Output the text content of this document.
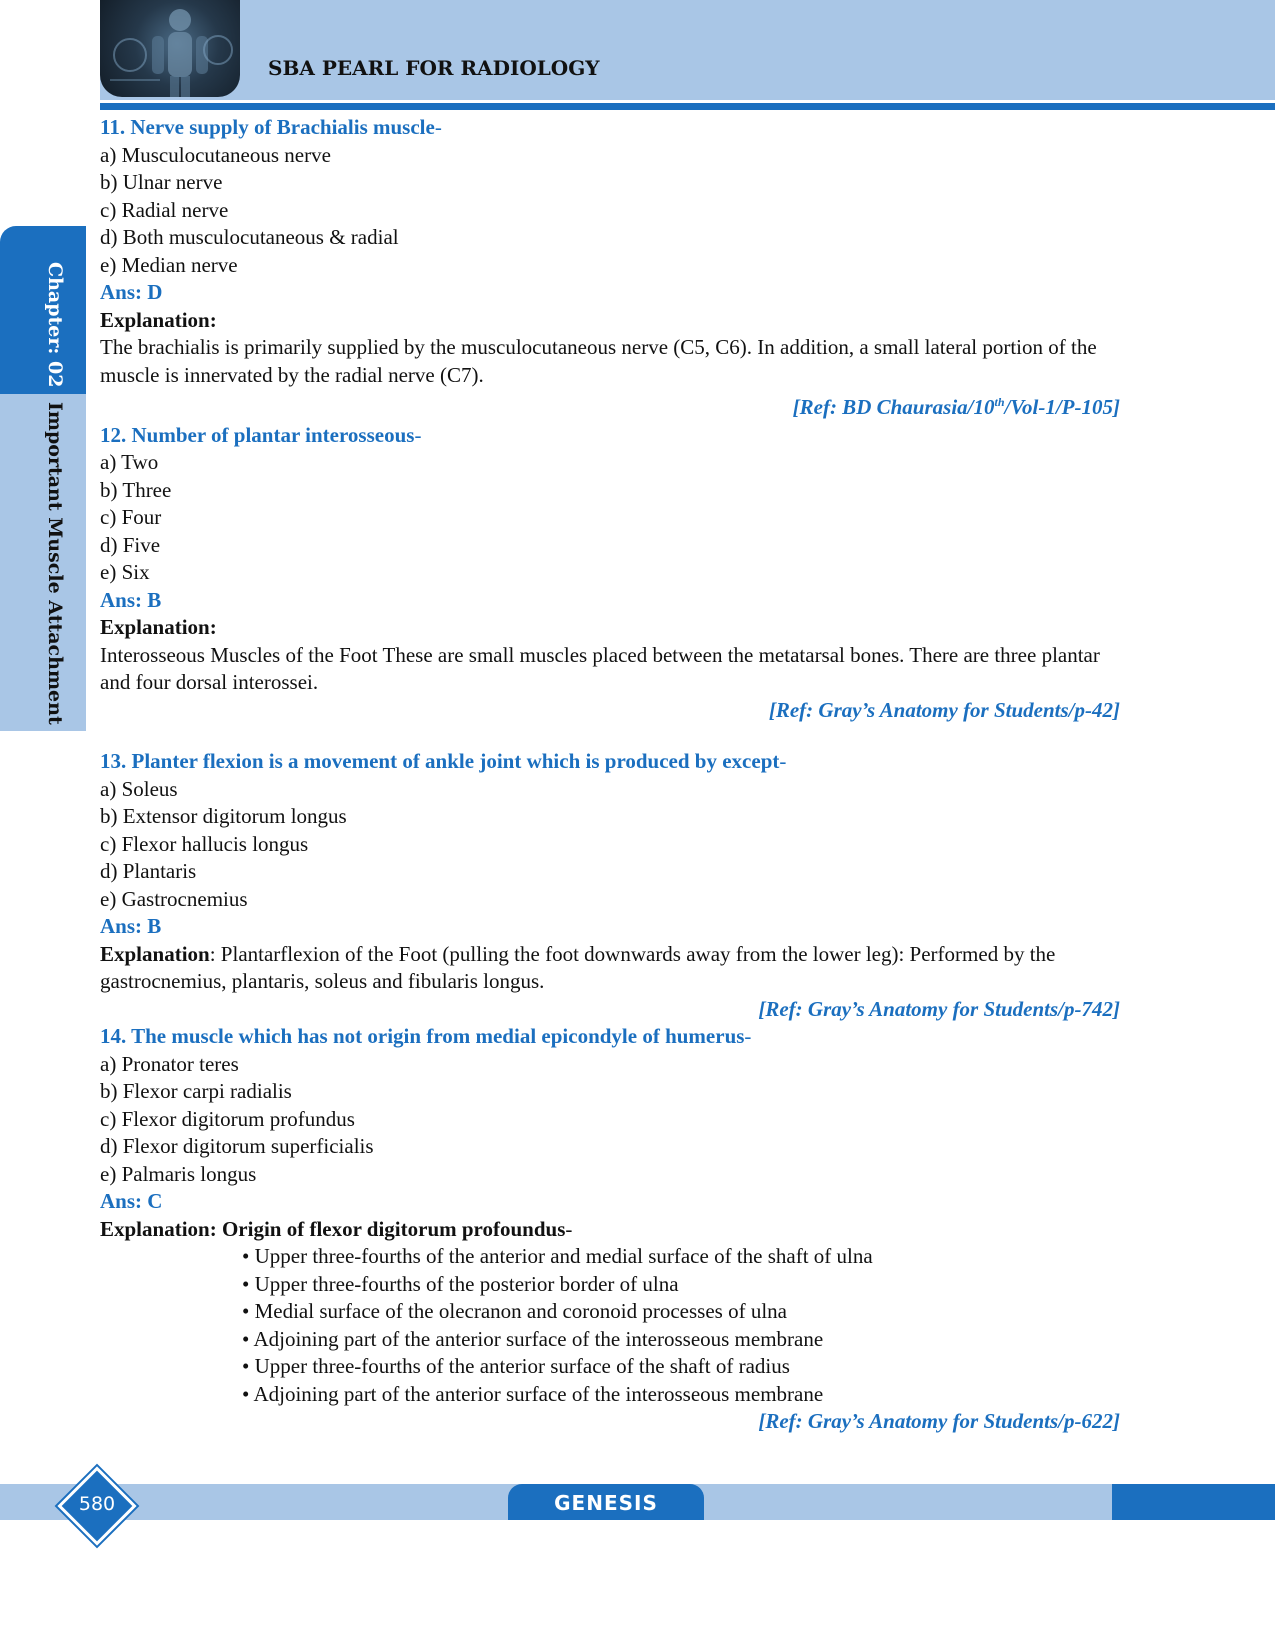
SBA PEARL FOR RADIOLOGY
Chapter: 02
Important Muscle Attachment
11. Nerve supply of Brachialis muscle-
a) Musculocutaneous nerve
b) Ulnar nerve
c) Radial nerve
d) Both musculocutaneous & radial
e) Median nerve
Ans: D
Explanation:
The brachialis is primarily supplied by the musculocutaneous nerve (C5, C6). In addition, a small lateral portion of the muscle is innervated by the radial nerve (C7).
[Ref: BD Chaurasia/10th/Vol-1/P-105]
12. Number of plantar interosseous-
a) Two
b) Three
c) Four
d) Five
e) Six
Ans: B
Explanation:
Interosseous Muscles of the Foot These are small muscles placed between the metatarsal bones. There are three plantar and four dorsal interossei.
[Ref: Gray’s Anatomy for Students/p-42]
13. Planter flexion is a movement of ankle joint which is produced by except-
a) Soleus
b) Extensor digitorum longus
c) Flexor hallucis longus
d) Plantaris
e) Gastrocnemius
Ans: B
Explanation: Plantarflexion of the Foot (pulling the foot downwards away from the lower leg): Performed by the gastrocnemius, plantaris, soleus and fibularis longus.
[Ref: Gray’s Anatomy for Students/p-742]
14. The muscle which has not origin from medial epicondyle of humerus-
a) Pronator teres
b) Flexor carpi radialis
c) Flexor digitorum profundus
d) Flexor digitorum superficialis
e) Palmaris longus
Ans: C
Explanation: Origin of flexor digitorum profoundus-
• Upper three-fourths of the anterior and medial surface of the shaft of ulna
• Upper three-fourths of the posterior border of ulna
• Medial surface of the olecranon and coronoid processes of ulna
• Adjoining part of the anterior surface of the interosseous membrane
• Upper three-fourths of the anterior surface of the shaft of radius
• Adjoining part of the anterior surface of the interosseous membrane
[Ref: Gray’s Anatomy for Students/p-622]
GENESIS
580
